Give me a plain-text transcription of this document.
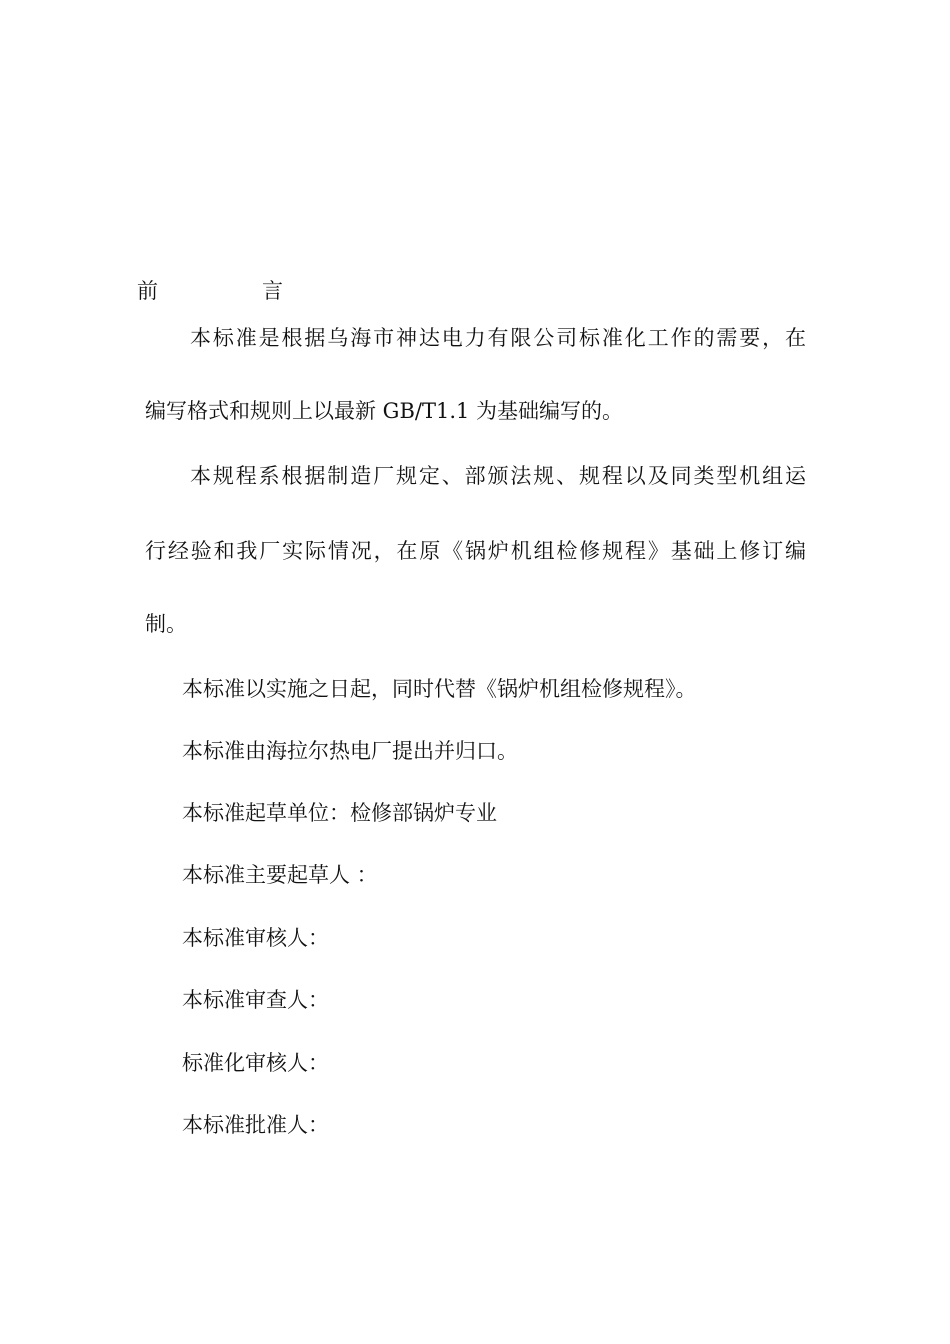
前	言
本标准是根据乌海市神达电力有限公司标准化工作的需要，在
编写格式和规则上以最新 GB/T1.1 为基础编写的。
本规程系根据制造厂规定、部颁法规、规程以及同类型机组运
行经验和我厂实际情况，在原《锅炉机组检修规程》基础上修订编
制。
本标准以实施之日起，同时代替《锅炉机组检修规程》。
本标准由海拉尔热电厂提出并归口。
本标准起草单位：检修部锅炉专业
本标准主要起草人 ：
本标准审核人：
本标准审查人：
标准化审核人：
本标准批准人：
